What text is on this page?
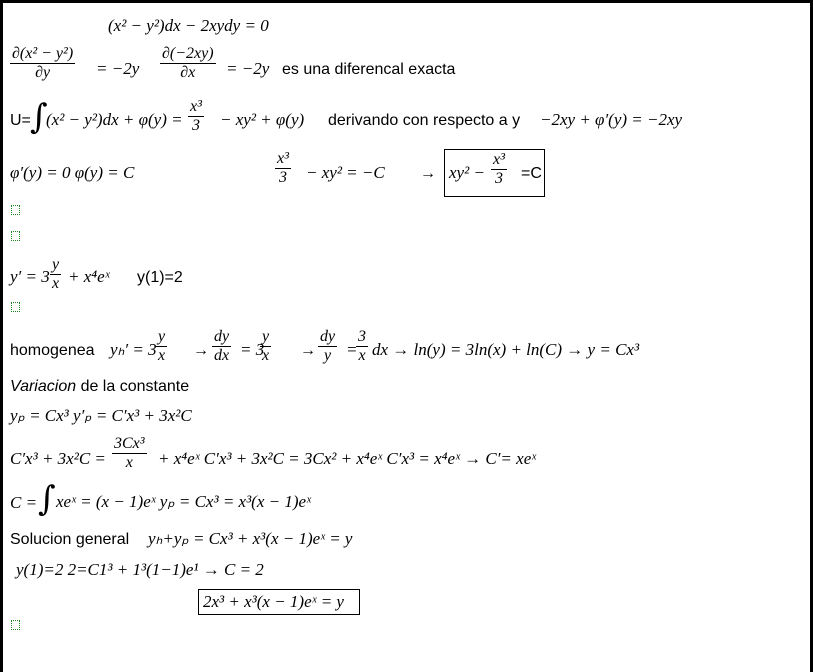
(x² − y²)dx − 2xydy = 0
$\frac{\text{∂(x² − y²)}}{\partial y} = -2y \frac{\partial(-2xy)}{\partial x} = -2y$ es una diferencal exacta
U= ∫
$(x^2 - y^2)dx + \varphi(y) = \frac{\text{x³}}{3} - xy^2 + \varphi(y)$ derivando con respecto a y −2xy + φ′(y) = −2xy
φ′(y) = 0 φ(y) = C	$\frac{\text{x³}}{3} - xy^2 = -C \to xy^2 - \frac{\text{x³}}{3} =C$
$y' = 3 \frac{y}{x}$ + x⁴eˣ y(1)=2
homogenea $y_h' = 3 \frac{y}{x} \to \frac{dy}{dx} = 3$
$\frac{y}{x} \to \frac{dy}{y}$ =
$\frac{3}{x}$ dx → ln(y) = 3ln(x) + ln(C) → y = Cx³
Variacion de la constante
yₚ = Cx³ y′ₚ = C′x³ + 3x²C
$C'x^3 + 3x^2C = \frac{\text{3Cx³}}{x}$ + x⁴eˣ C′x³ + 3x²C = 3Cx² + x⁴eˣ C′x³ = x⁴eˣ → C′= xeˣ
C = ∫ xeˣ = (x − 1)eˣ yₚ = Cx³ = x³(x − 1)eˣ
Solucion general yₕ+yₚ = Cx³ + x³(x − 1)eˣ = y
y(1)=2 2=C1³ + 1³(1−1)e¹ → C = 2
2x³ + x³(x − 1)eˣ = y
